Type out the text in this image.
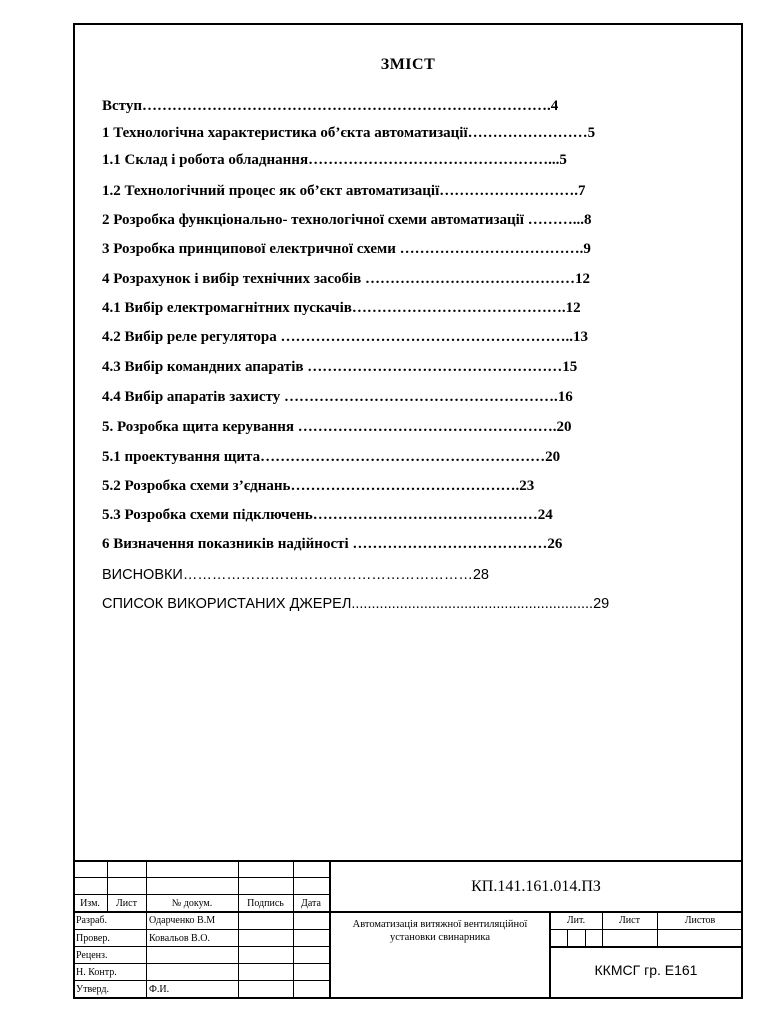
ЗМІСТ
Вступ……………………………………………………………………….4
1 Технологічна характеристика об’єкта автоматизації……………………5
1.1 Склад і робота обладнання…………………………………………...5
1.2 Технологічний процес як об’єкт автоматизації……………………….7
2 Розробка функціонально- технологічної схеми автоматизації ………...8
3 Розробка принципової електричної схеми ……………………………….9
4 Розрахунок і вибір технічних засобів ……………………………………12
4.1 Вибір електромагнітних пускачів…………………………………….12
4.2 Вибір реле регулятора …………………………………………………..13
4.3 Вибір командних апаратів ……………………………………………15
4.4 Вибір апаратів захисту ……………………………………………….16
5. Розробка щита керування …………………………………………….20
5.1 проектування щита…………………………………………………20
5.2 Розробка схеми з’єднань……………………………………….23
5.3 Розробка схеми підключень………………………………………24
6 Визначення показників надійності …………………………………26
ВИСНОВКИ……………………………………………………28
СПИСОК ВИКОРИСТАНИХ ДЖЕРЕЛ............................................................29
Изм.	Лист	№ докум.	Подпись	Дата
Разраб.	Одарченко В.М
Провер.	Ковальов В.О.
Реценз.
Н. Контр.
Утверд.	Ф.И.
Лит.	Лист	Листов
КП.141.161.014.ПЗ
Автоматизація витяжної вентиляційної установки свинарника
ККМСГ гр. Е161
